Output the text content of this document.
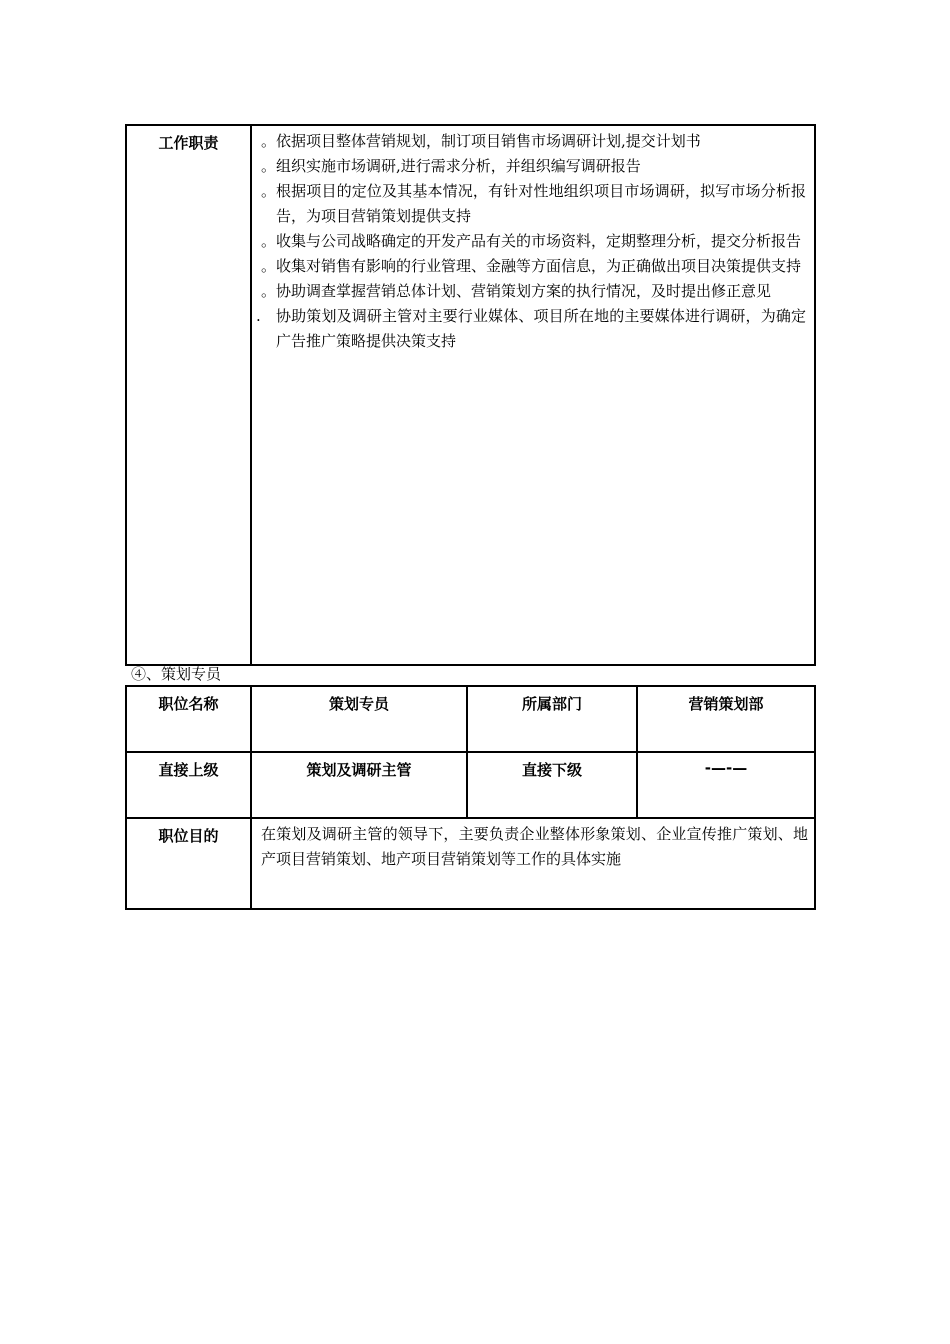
工作职责	。 依据项目整体营销规划，制订项目销售市场调研计划,提交计划书
。 组织实施市场调研,进行需求分析，并组织编写调研报告
。 根据项目的定位及其基本情况，有针对性地组织项目市场调研，拟写市场分析报告，为项目营销策划提供支持
。 收集与公司战略确定的开发产品有关的市场资料，定期整理分析，提交分析报告
。 收集对销售有影响的行业管理、金融等方面信息，为正确做出项目决策提供支持
。 协助调查掌握营销总体计划、营销策划方案的执行情况，及时提出修正意见
. 协助策划及调研主管对主要行业媒体、项目所在地的主要媒体进行调研，为确定广告推广策略提供决策支持
④、策划专员
职位名称	策划专员	所属部门	营销策划部
直接上级	策划及调研主管	直接下级	-—-—
职位目的	在策划及调研主管的领导下，主要负责企业整体形象策划、企业宣传推广策划、地产项目营销策划、地产项目营销策划等工作的具体实施		
